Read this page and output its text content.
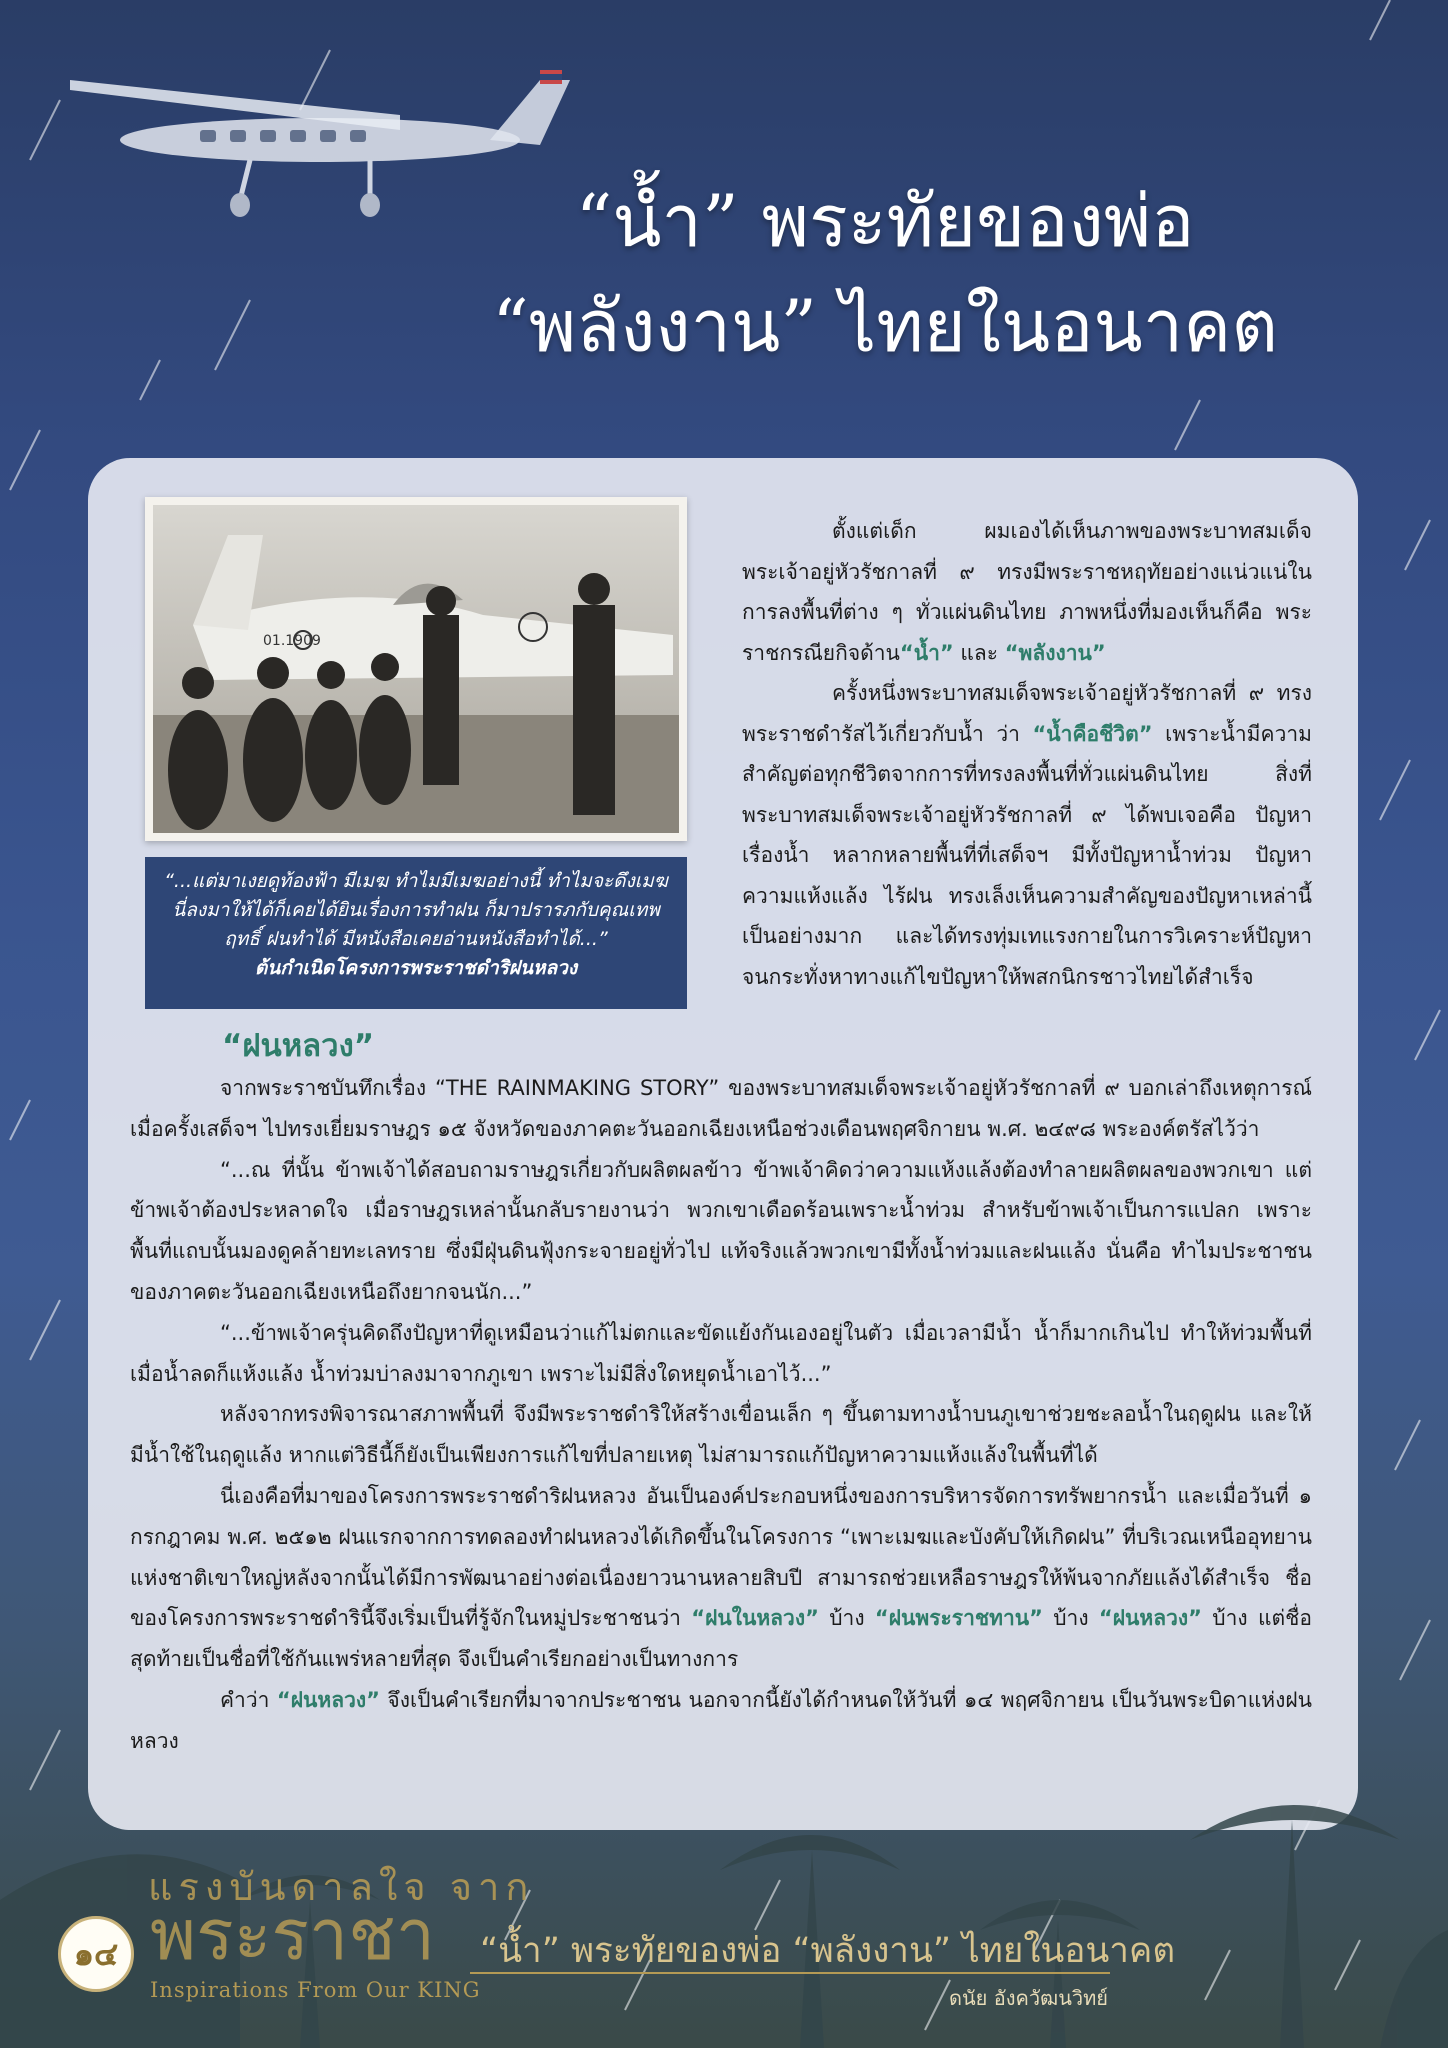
“น้ำ” พระทัยของพ่อ
“พลังงาน” ไทยในอนาคต
01.1909
“...แต่มาเงยดูท้องฟ้า มีเมฆ ทำไมมีเมฆอย่างนี้ ทำไมจะดึงเมฆนี่ลงมาให้ได้ก็เคยได้ยินเรื่องการทำฝน ก็มาปรารภกับคุณเทพฤทธิ์ ฝนทำได้ มีหนังสือเคยอ่านหนังสือทำได้...”
ต้นกำเนิดโครงการพระราชดำริฝนหลวง

ตั้งแต่เด็ก ผมเองได้เห็นภาพของพระบาทสมเด็จพระเจ้าอยู่หัวรัชกาลที่ ๙ ทรงมีพระราชหฤทัยอย่างแน่วแน่ในการลงพื้นที่ต่าง ๆ ทั่วแผ่นดินไทย ภาพหนึ่งที่มองเห็นก็คือ พระราชกรณียกิจด้าน“น้ำ” และ “พลังงาน”

ครั้งหนึ่งพระบาทสมเด็จพระเจ้าอยู่หัวรัชกาลที่ ๙ ทรงพระราชดำรัสไว้เกี่ยวกับน้ำ ว่า “น้ำคือชีวิต” เพราะน้ำมีความสำคัญต่อทุกชีวิตจากการที่ทรงลงพื้นที่ทั่วแผ่นดินไทย สิ่งที่พระบาทสมเด็จพระเจ้าอยู่หัวรัชกาลที่ ๙ ได้พบเจอคือ ปัญหาเรื่องน้ำ หลากหลายพื้นที่ที่เสด็จฯ มีทั้งปัญหาน้ำท่วม ปัญหาความแห้งแล้ง ไร้ฝน ทรงเล็งเห็นความสำคัญของปัญหาเหล่านี้เป็นอย่างมาก และได้ทรงทุ่มเทแรงกายในการวิเคราะห์ปัญหา จนกระทั่งหาทางแก้ไขปัญหาให้พสกนิกรชาวไทยได้สำเร็จ

“ฝนหลวง”

จากพระราชบันทึกเรื่อง “THE RAINMAKING STORY” ของพระบาทสมเด็จพระเจ้าอยู่หัวรัชกาลที่ ๙ บอกเล่าถึงเหตุการณ์เมื่อครั้งเสด็จฯ ไปทรงเยี่ยมราษฎร ๑๕ จังหวัดของภาคตะวันออกเฉียงเหนือช่วงเดือนพฤศจิกายน พ.ศ. ๒๔๙๘ พระองค์ตรัสไว้ว่า

“...ณ ที่นั้น ข้าพเจ้าได้สอบถามราษฎรเกี่ยวกับผลิตผลข้าว ข้าพเจ้าคิดว่าความแห้งแล้งต้องทำลายผลิตผลของพวกเขา แต่ข้าพเจ้าต้องประหลาดใจ เมื่อราษฎรเหล่านั้นกลับรายงานว่า พวกเขาเดือดร้อนเพราะน้ำท่วม สำหรับข้าพเจ้าเป็นการแปลก เพราะพื้นที่แถบนั้นมองดูคล้ายทะเลทราย ซึ่งมีฝุ่นดินฟุ้งกระจายอยู่ทั่วไป แท้จริงแล้วพวกเขามีทั้งน้ำท่วมและฝนแล้ง นั่นคือ ทำไมประชาชนของภาคตะวันออกเฉียงเหนือถึงยากจนนัก...”

“...ข้าพเจ้าครุ่นคิดถึงปัญหาที่ดูเหมือนว่าแก้ไม่ตกและขัดแย้งกันเองอยู่ในตัว เมื่อเวลามีน้ำ น้ำก็มากเกินไป ทำให้ท่วมพื้นที่ เมื่อน้ำลดก็แห้งแล้ง น้ำท่วมบ่าลงมาจากภูเขา เพราะไม่มีสิ่งใดหยุดน้ำเอาไว้...”

หลังจากทรงพิจารณาสภาพพื้นที่ จึงมีพระราชดำริให้สร้างเขื่อนเล็ก ๆ ขึ้นตามทางน้ำบนภูเขาช่วยชะลอน้ำในฤดูฝน และให้มีน้ำใช้ในฤดูแล้ง หากแต่วิธีนี้ก็ยังเป็นเพียงการแก้ไขที่ปลายเหตุ ไม่สามารถแก้ปัญหาความแห้งแล้งในพื้นที่ได้

นี่เองคือที่มาของโครงการพระราชดำริฝนหลวง อันเป็นองค์ประกอบหนึ่งของการบริหารจัดการทรัพยากรน้ำ และเมื่อวันที่ ๑ กรกฎาคม พ.ศ. ๒๕๑๒ ฝนแรกจากการทดลองทำฝนหลวงได้เกิดขึ้นในโครงการ “เพาะเมฆและบังคับให้เกิดฝน” ที่บริเวณเหนืออุทยานแห่งชาติเขาใหญ่หลังจากนั้นได้มีการพัฒนาอย่างต่อเนื่องยาวนานหลายสิบปี สามารถช่วยเหลือราษฎรให้พ้นจากภัยแล้งได้สำเร็จ ชื่อของโครงการพระราชดำรินี้จึงเริ่มเป็นที่รู้จักในหมู่ประชาชนว่า “ฝนในหลวง” บ้าง “ฝนพระราชทาน” บ้าง “ฝนหลวง” บ้าง แต่ชื่อสุดท้ายเป็นชื่อที่ใช้กันแพร่หลายที่สุด จึงเป็นคำเรียกอย่างเป็นทางการ

คำว่า “ฝนหลวง” จึงเป็นคำเรียกที่มาจากประชาชน นอกจากนี้ยังได้กำหนดให้วันที่ ๑๔ พฤศจิกายน เป็นวันพระบิดาแห่งฝนหลวง

แรงบันดาลใจ จาก
พระราชา
Inspirations From Our KING
๑๔	“น้ำ” พระทัยของพ่อ “พลังงาน” ไทยในอนาคต
ดนัย อังควัฒนวิทย์
